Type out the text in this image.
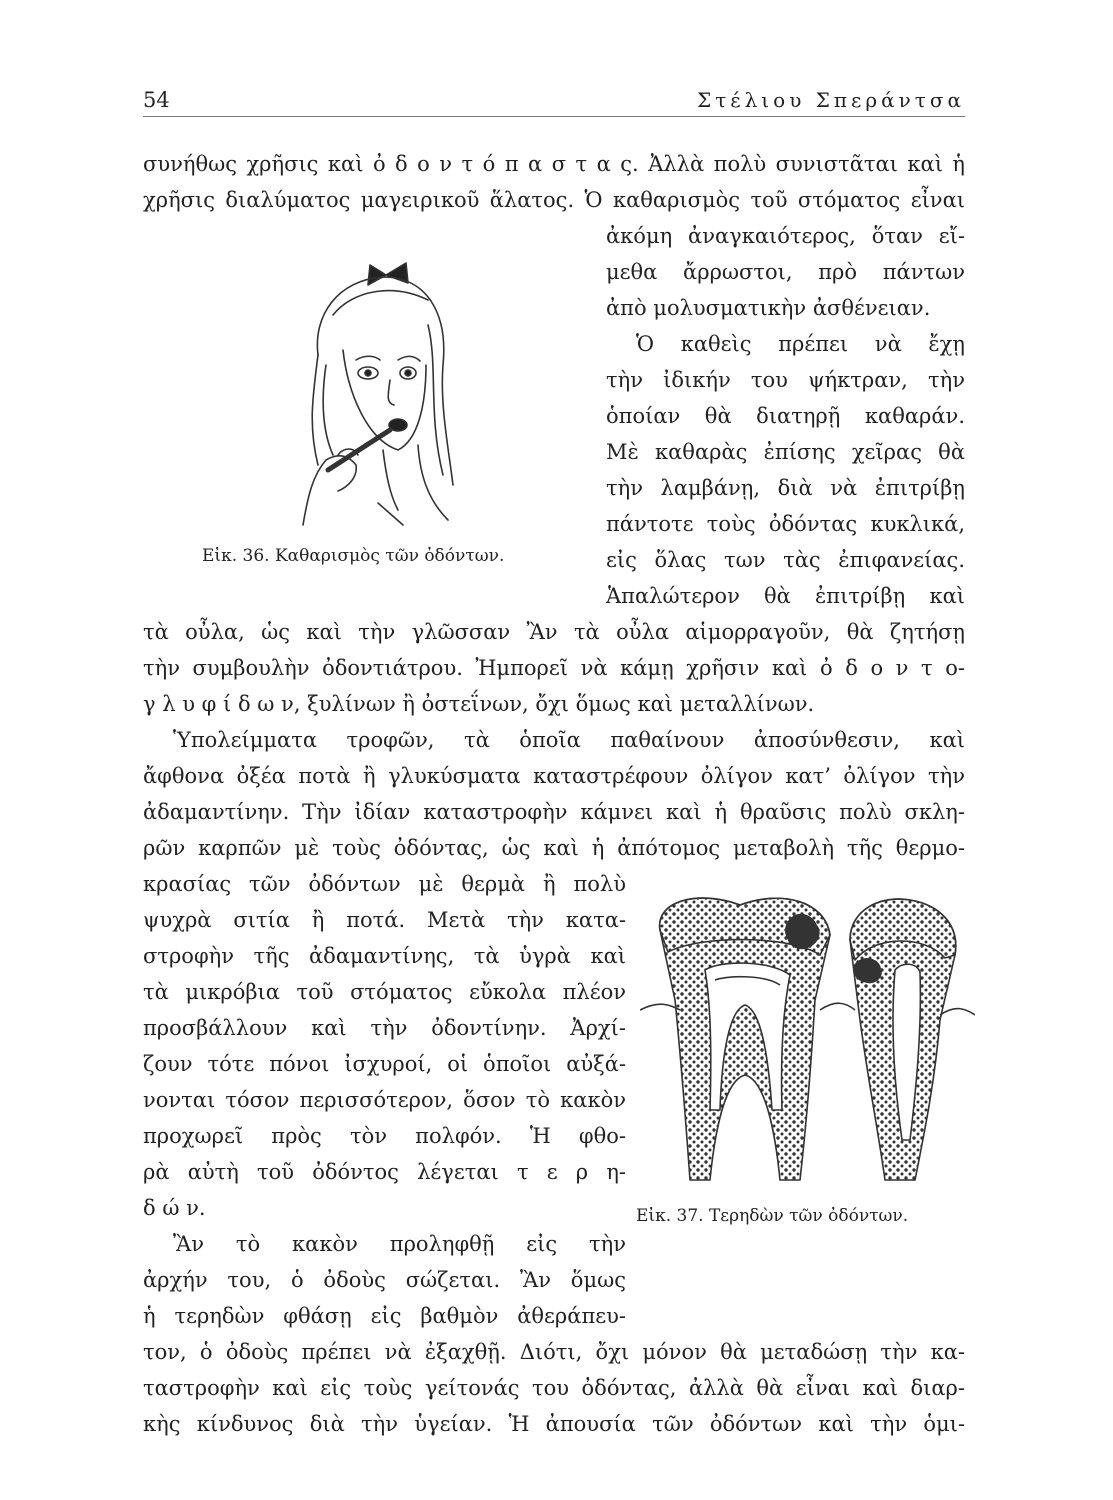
54	Στέλιου Σπεράντσα
συνήθως χρῆσις καὶ ὀ δ ο ν τ ό π α σ τ α ς. Ἀλλὰ πολὺ συνιστᾶται καὶ ἡ
χρῆσις διαλύματος μαγειρικοῦ ἅλατος. Ὁ καθαρισμὸς τοῦ στόματος εἶναι
ἀκόμη ἀναγκαιότερος, ὅταν εἴ-
μεθα ἄρρωστοι, πρὸ πάντων
ἀπὸ μολυσματικὴν ἀσθένειαν.
Ὁ καθεὶς πρέπει νὰ ἔχῃ
τὴν ἰδικήν του ψήκτραν, τὴν
ὁποίαν θὰ διατηρῇ καθαράν.
Μὲ καθαρὰς ἐπίσης χεῖρας θὰ
τὴν λαμβάνῃ, διὰ νὰ ἐπιτρίβῃ
πάντοτε τοὺς ὀδόντας κυκλικά,
εἰς ὅλας των τὰς ἐπιφανείας.
Ἁπαλώτερον θὰ ἐπιτρίβῃ καὶ
τὰ οὖλα, ὡς καὶ τὴν γλῶσσαν Ἂν τὰ οὖλα αἱμορραγοῦν, θὰ ζητήσῃ
τὴν συμβουλὴν ὀδοντιάτρου. Ἠμπορεῖ νὰ κάμῃ χρῆσιν καὶ ὀ δ ο ν τ ο-
γ λ υ φ ί δ ω ν, ξυλίνων ἢ ὀστεΐνων, ὄχι ὅμως καὶ μεταλλίνων.
Ὑπολείμματα τροφῶν, τὰ ὁποῖα παθαίνουν ἀποσύνθεσιν, καὶ
ἄφθονα ὀξέα ποτὰ ἢ γλυκύσματα καταστρέφουν ὀλίγον κατ’ ὀλίγον τὴν
ἀδαμαντίνην. Τὴν ἰδίαν καταστροφὴν κάμνει καὶ ἡ θραῦσις πολὺ σκλη-
ρῶν καρπῶν μὲ τοὺς ὀδόντας, ὡς καὶ ἡ ἀπότομος μεταβολὴ τῆς θερμο-
κρασίας τῶν ὀδόντων μὲ θερμὰ ἢ πολὺ
ψυχρὰ σιτία ἢ ποτά. Μετὰ τὴν κατα-
στροφὴν τῆς ἀδαμαντίνης, τὰ ὑγρὰ καὶ
τὰ μικρόβια τοῦ στόματος εὔκολα πλέον
προσβάλλουν καὶ τὴν ὀδοντίνην. Ἀρχί-
ζουν τότε πόνοι ἰσχυροί, οἱ ὁποῖοι αὐξά-
νονται τόσον περισσότερον, ὅσον τὸ κακὸν
προχωρεῖ πρὸς τὸν πολφόν. Ἡ φθο-
ρὰ αὐτὴ τοῦ ὀδόντος λέγεται τ ε ρ η-
δ ώ ν.
Ἂν τὸ κακὸν προληφθῇ εἰς τὴν
ἀρχήν του, ὁ ὀδοὺς σώζεται. Ἂν ὅμως
ἡ τερηδὼν φθάσῃ εἰς βαθμὸν ἀθεράπευ-
τον, ὁ ὀδοὺς πρέπει νὰ ἐξαχθῇ. Διότι, ὄχι μόνον θὰ μεταδώσῃ τὴν κα-
ταστροφὴν καὶ εἰς τοὺς γείτονάς του ὀδόντας, ἀλλὰ θὰ εἶναι καὶ διαρ-
κὴς κίνδυνος διὰ τὴν ὑγείαν. Ἡ ἀπουσία τῶν ὀδόντων καὶ τὴν ὁμι-
Εἰκ. 36. Καθαρισμὸς τῶν ὀδόντων.
Εἰκ. 37. Τερηδὼν τῶν ὀδόντων.
